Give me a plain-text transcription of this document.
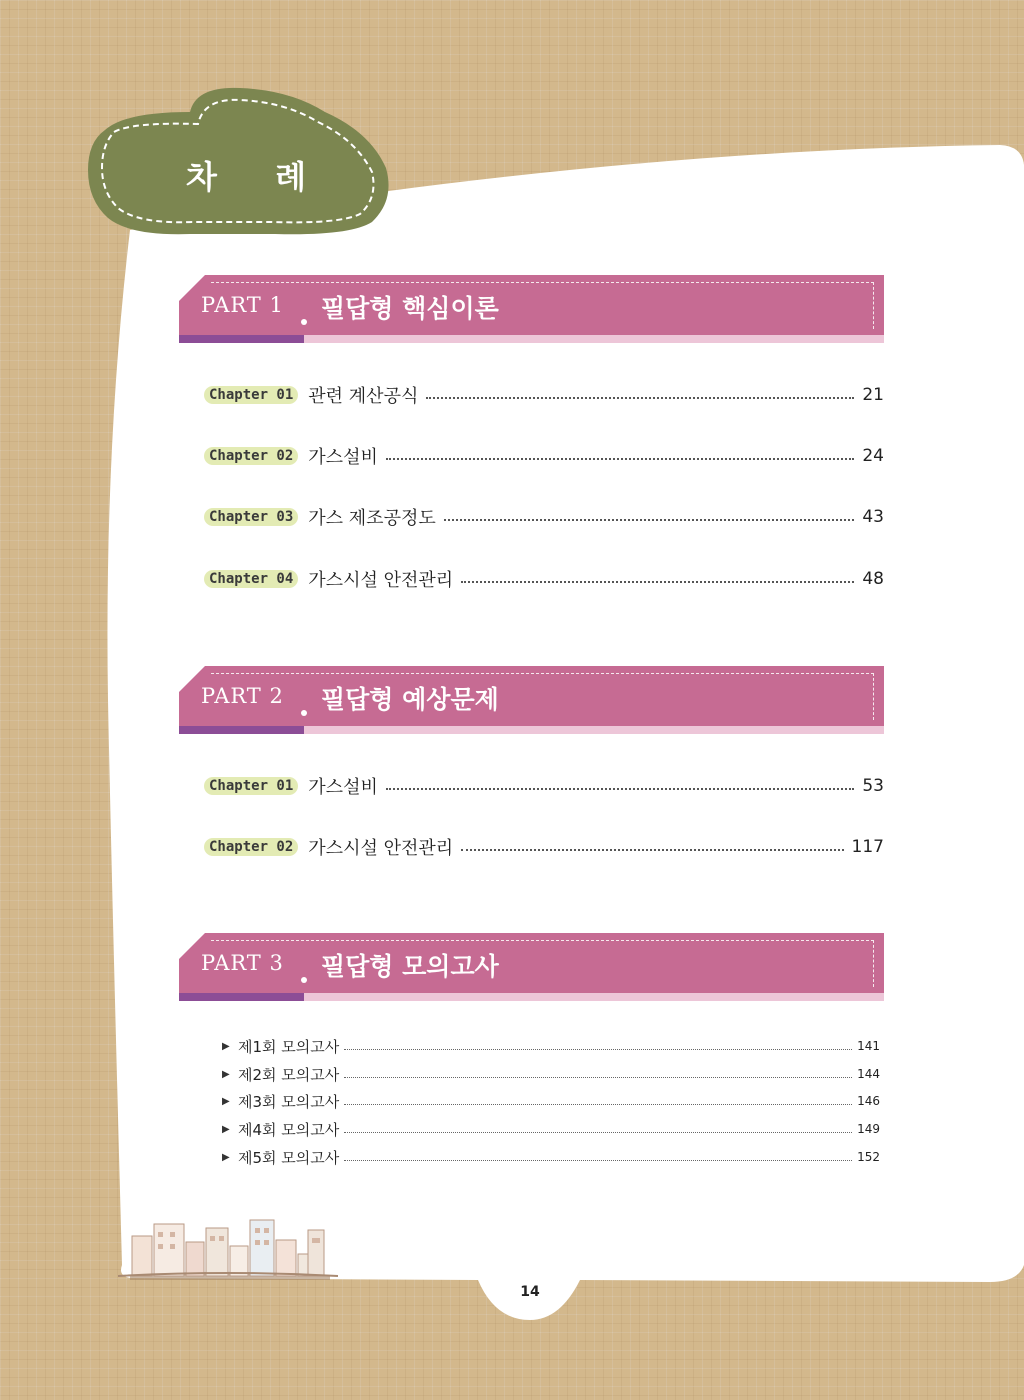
차 례
PART 1 필답형 핵심이론
Chapter 01 관련 계산공식	21
Chapter 02 가스설비	24
Chapter 03 가스 제조공정도	43
Chapter 04 가스시설 안전관리	48
PART 2 필답형 예상문제
Chapter 01 가스설비	53
Chapter 02 가스시설 안전관리	117
PART 3 필답형 모의고사
▶ 제1회 모의고사	141
▶ 제2회 모의고사	144
▶ 제3회 모의고사	146
▶ 제4회 모의고사	149
▶ 제5회 모의고사	152
14
